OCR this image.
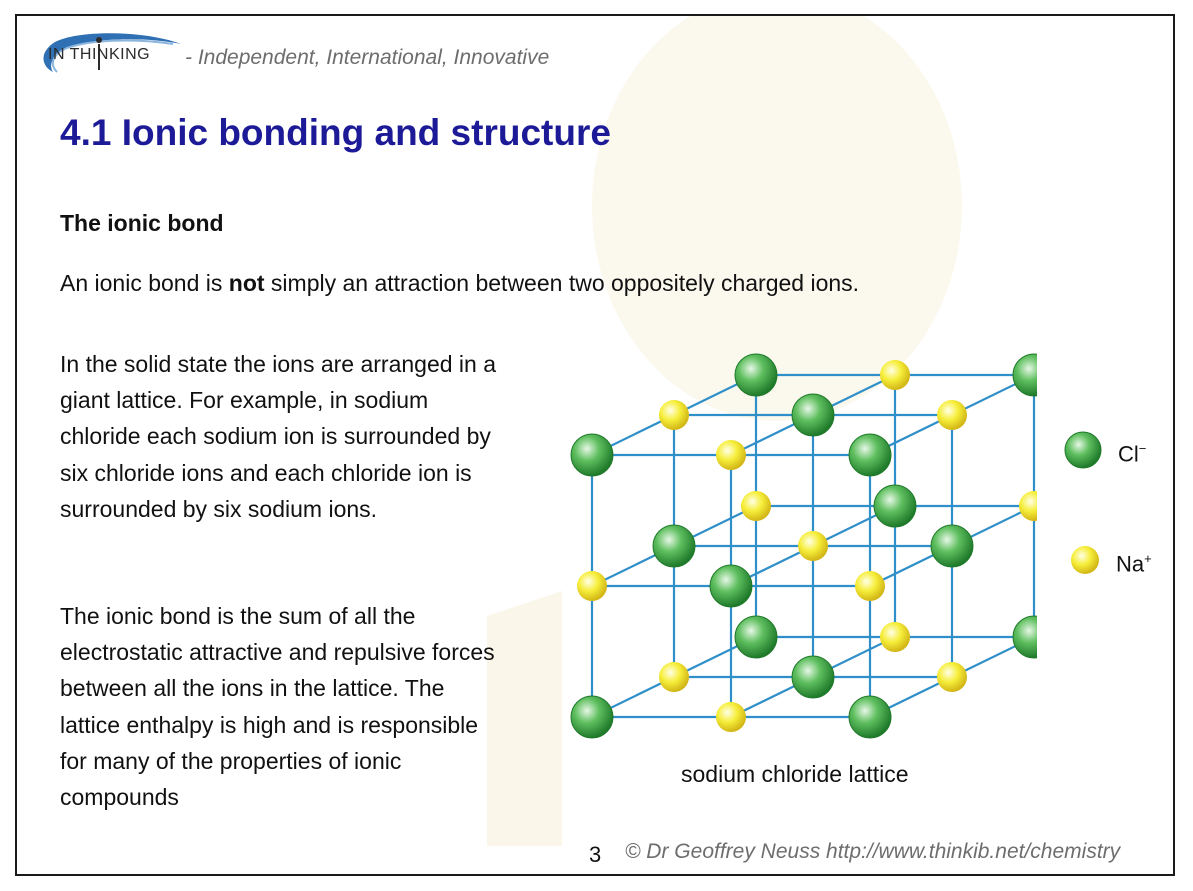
IN THINKING - Independent, International, Innovative
4.1 Ionic bonding and structure
The ionic bond
An ionic bond is not simply an attraction between two oppositely charged ions.
In the solid state the ions are arranged in a giant lattice. For example, in sodium chloride each sodium ion is surrounded by six chloride ions and each chloride ion is surrounded by six sodium ions.
The ionic bond is the sum of all the electrostatic attractive and repulsive forces between all the ions in the lattice. The lattice enthalpy is high and is responsible for many of the properties of ionic compounds
Cl−
Na+
sodium chloride lattice
3 © Dr Geoffrey Neuss http://www.thinkib.net/chemistry
